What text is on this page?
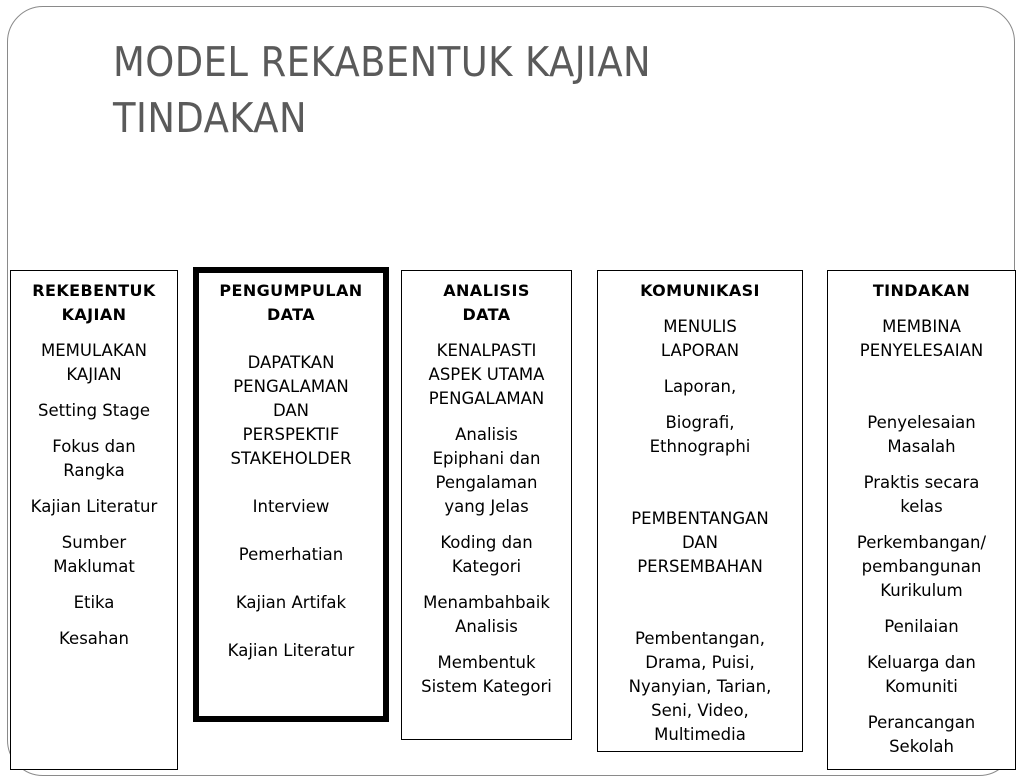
MODEL REKABENTUK KAJIAN
TINDAKAN

REKEBENTUK
KAJIAN

MEMULAKAN
KAJIAN

Setting Stage

Fokus dan
Rangka

Kajian Literatur

Sumber
Maklumat

Etika

Kesahan

PENGUMPULAN
DATA

DAPATKAN
PENGALAMAN
DAN
PERSPEKTIF
STAKEHOLDER

Interview

Pemerhatian

Kajian Artifak

Kajian Literatur

ANALISIS
DATA

KENALPASTI
ASPEK UTAMA
PENGALAMAN

Analisis
Epiphani dan
Pengalaman
yang Jelas

Koding dan
Kategori

Menambahbaik
Analisis

Membentuk
Sistem Kategori

KOMUNIKASI

MENULIS
LAPORAN

Laporan,

Biografi,
Ethnographi

PEMBENTANGAN
DAN
PERSEMBAHAN

Pembentangan,
Drama, Puisi,
Nyanyian, Tarian,
Seni, Video,
Multimedia

TINDAKAN

MEMBINA
PENYELESAIAN

Penyelesaian
Masalah

Praktis secara
kelas

Perkembangan/
pembangunan
Kurikulum

Penilaian

Keluarga dan
Komuniti

Perancangan
Sekolah
